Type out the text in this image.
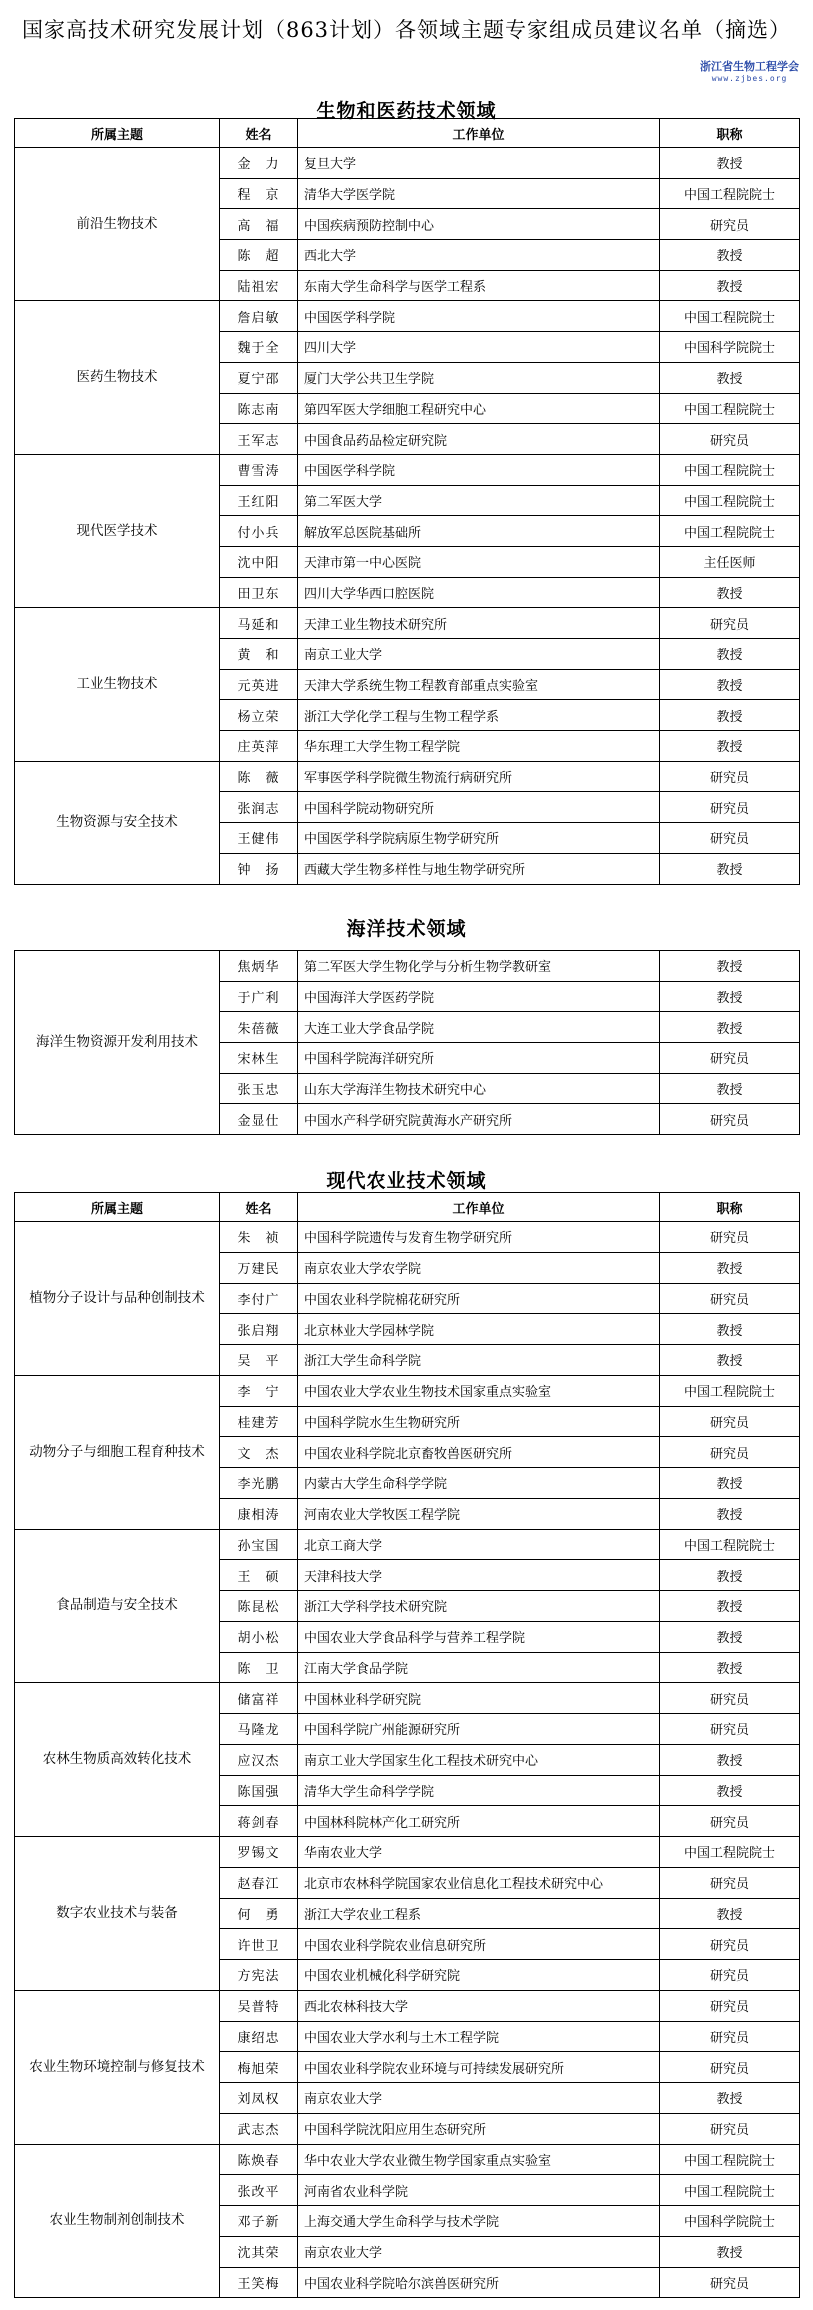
国家高技术研究发展计划（863计划）各领域主题专家组成员建议名单（摘选）
浙江省生物工程学会
www.zjbes.org
生物和医药技术领域
所属主题	姓名	工作单位	职称
前沿生物技术	金　力	复旦大学	教授
	程　京	清华大学医学院	中国工程院院士
	高　福	中国疾病预防控制中心	研究员
	陈　超	西北大学	教授
	陆祖宏	东南大学生命科学与医学工程系	教授
医药生物技术	詹启敏	中国医学科学院	中国工程院院士
	魏于全	四川大学	中国科学院院士
	夏宁邵	厦门大学公共卫生学院	教授
	陈志南	第四军医大学细胞工程研究中心	中国工程院院士
	王军志	中国食品药品检定研究院	研究员
现代医学技术	曹雪涛	中国医学科学院	中国工程院院士
	王红阳	第二军医大学	中国工程院院士
	付小兵	解放军总医院基础所	中国工程院院士
	沈中阳	天津市第一中心医院	主任医师
	田卫东	四川大学华西口腔医院	教授
工业生物技术	马延和	天津工业生物技术研究所	研究员
	黄　和	南京工业大学	教授
	元英进	天津大学系统生物工程教育部重点实验室	教授
	杨立荣	浙江大学化学工程与生物工程学系	教授
	庄英萍	华东理工大学生物工程学院	教授
生物资源与安全技术	陈　薇	军事医学科学院微生物流行病研究所	研究员
	张润志	中国科学院动物研究所	研究员
	王健伟	中国医学科学院病原生物学研究所	研究员
	钟　扬	西藏大学生物多样性与地生物学研究所	教授
海洋技术领域
海洋生物资源开发利用技术	焦炳华	第二军医大学生物化学与分析生物学教研室	教授
	于广利	中国海洋大学医药学院	教授
	朱蓓薇	大连工业大学食品学院	教授
	宋林生	中国科学院海洋研究所	研究员
	张玉忠	山东大学海洋生物技术研究中心	教授
	金显仕	中国水产科学研究院黄海水产研究所	研究员
现代农业技术领域
所属主题	姓名	工作单位	职称
植物分子设计与品种创制技术	朱　祯	中国科学院遗传与发育生物学研究所	研究员
	万建民	南京农业大学农学院	教授
	李付广	中国农业科学院棉花研究所	研究员
	张启翔	北京林业大学园林学院	教授
	吴　平	浙江大学生命科学院	教授
动物分子与细胞工程育种技术	李　宁	中国农业大学农业生物技术国家重点实验室	中国工程院院士
	桂建芳	中国科学院水生生物研究所	研究员
	文　杰	中国农业科学院北京畜牧兽医研究所	研究员
	李光鹏	内蒙古大学生命科学学院	教授
	康相涛	河南农业大学牧医工程学院	教授
食品制造与安全技术	孙宝国	北京工商大学	中国工程院院士
	王　硕	天津科技大学	教授
	陈昆松	浙江大学科学技术研究院	教授
	胡小松	中国农业大学食品科学与营养工程学院	教授
	陈　卫	江南大学食品学院	教授
农林生物质高效转化技术	储富祥	中国林业科学研究院	研究员
	马隆龙	中国科学院广州能源研究所	研究员
	应汉杰	南京工业大学国家生化工程技术研究中心	教授
	陈国强	清华大学生命科学学院	教授
	蒋剑春	中国林科院林产化工研究所	研究员
数字农业技术与装备	罗锡文	华南农业大学	中国工程院院士
	赵春江	北京市农林科学院国家农业信息化工程技术研究中心	研究员
	何　勇	浙江大学农业工程系	教授
	许世卫	中国农业科学院农业信息研究所	研究员
	方宪法	中国农业机械化科学研究院	研究员
农业生物环境控制与修复技术	吴普特	西北农林科技大学	研究员
	康绍忠	中国农业大学水利与土木工程学院	研究员
	梅旭荣	中国农业科学院农业环境与可持续发展研究所	研究员
	刘凤权	南京农业大学	教授
	武志杰	中国科学院沈阳应用生态研究所	研究员
农业生物制剂创制技术	陈焕春	华中农业大学农业微生物学国家重点实验室	中国工程院院士
	张改平	河南省农业科学院	中国工程院院士
	邓子新	上海交通大学生命科学与技术学院	中国科学院院士
	沈其荣	南京农业大学	教授
	王笑梅	中国农业科学院哈尔滨兽医研究所	研究员
